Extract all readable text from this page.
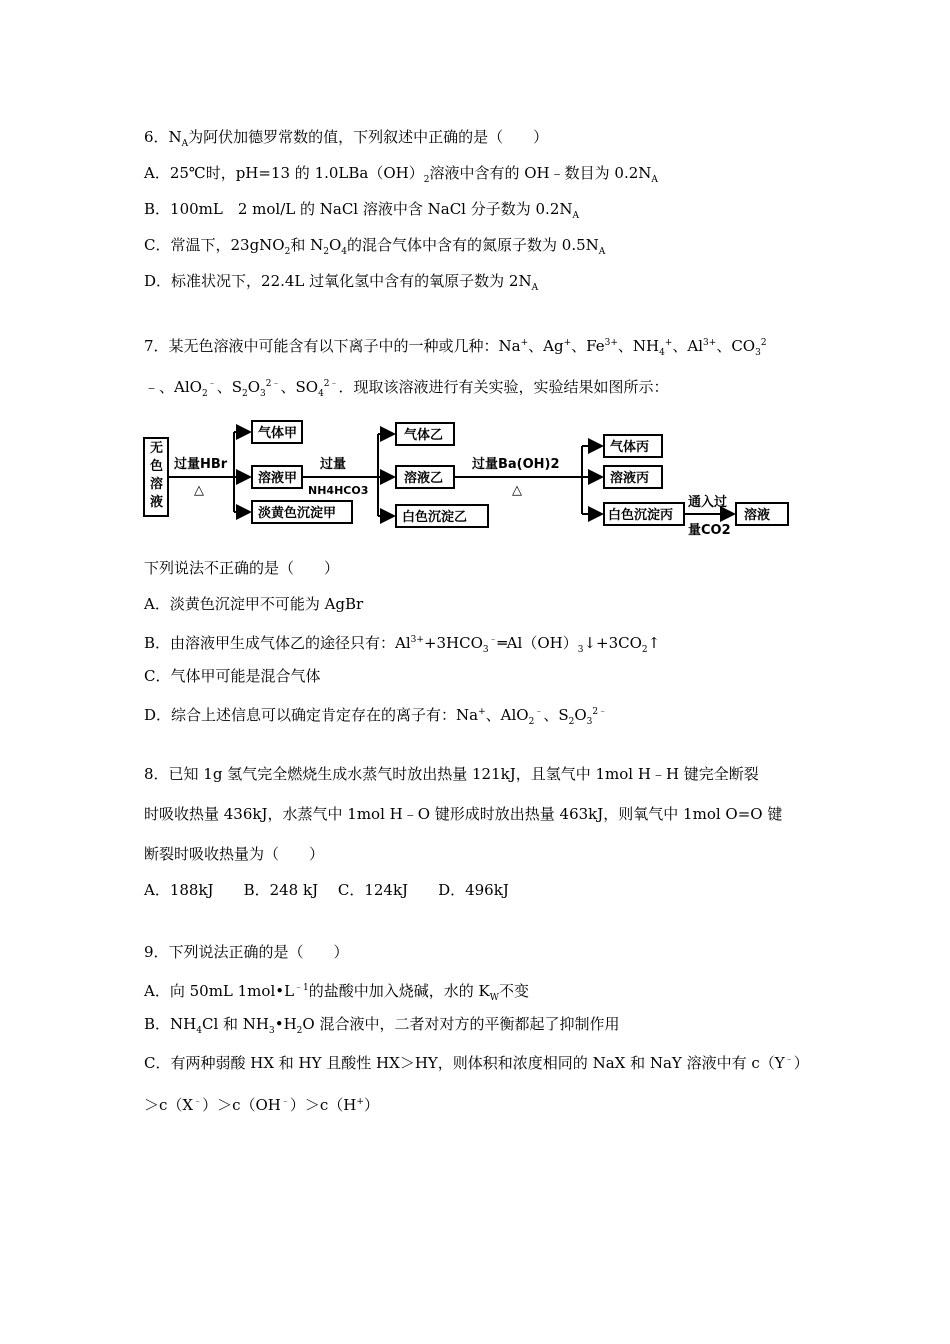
6．$N_A$为阿伏加德罗常数的值，下列叙述中正确的是（　　）
A．25℃时，pH=13 的 $1.0LBa(OH)_2$溶液中含有的 OH﹣数目为 $0.2N_A$
B．100mL　2 mol/L 的 NaCl 溶液中含 NaCl 分子数为 $0.2N_A$
C．常温下，23gNO$_2$和 $N_2O_4$的混合气体中含有的氮原子数为 $0.5N_A$
D．标准状况下，22.4L 过氧化氢中含有的氧原子数为 $2N_A$
7．某无色溶液中可能含有以下离子中的一种或几种：Na+、Ag+、$Fe^{3+}$、$NH_4^+$、$Al^{3+}$、$CO_3^2$
﹣、AlO$_2$﹣、$S_2O_3^{2﹣}$、$SO_4^{2﹣}$．现取该溶液进行有关实验，实验结果如图所示：
无
色
溶
液
过量HBr
△
气体甲
溶液甲
淡黄色沉淀甲
过量
NH4HCO3
气体乙
溶液乙
白色沉淀乙
过量Ba(OH)2
△
气体丙
溶液丙
白色沉淀丙
通入过
量CO2
溶液
下列说法不正确的是（　　）
A．淡黄色沉淀甲不可能为 AgBr
B．由溶液甲生成气体乙的途径只有：$Al^{3+}+3HCO_3^﹣═Al(OH)_3↓+3CO_2↑$
C．气体甲可能是混合气体
D．综合上述信息可以确定肯定存在的离子有：Na+、AlO$_2$﹣、$S_2O_3^{2﹣}$
8．已知 1g 氢气完全燃烧生成水蒸气时放出热量 121kJ，且氢气中 1mol H﹣H 键完全断裂
时吸收热量 436kJ，水蒸气中 1mol H﹣O 键形成时放出热量 463kJ，则氧气中 1mol O=O 键
断裂时吸收热量为（　　）
A．188kJ　　B．248 kJ　 C．124kJ　　D．496kJ
9．下列说法正确的是（　　）
A．向 50mL $1mol•L^{﹣1}$的盐酸中加入烧碱，水的 $K_W$不变
B．$NH_4Cl$ 和 $NH_3•H_2O$ 混合液中，二者对对方的平衡都起了抑制作用
C．有两种弱酸 HX 和 HY 且酸性 HX＞HY，则体积和浓度相同的 NaX 和 NaY 溶液中有 c（Y﹣）
＞c（X﹣）＞c（OH﹣）＞c（H+）
